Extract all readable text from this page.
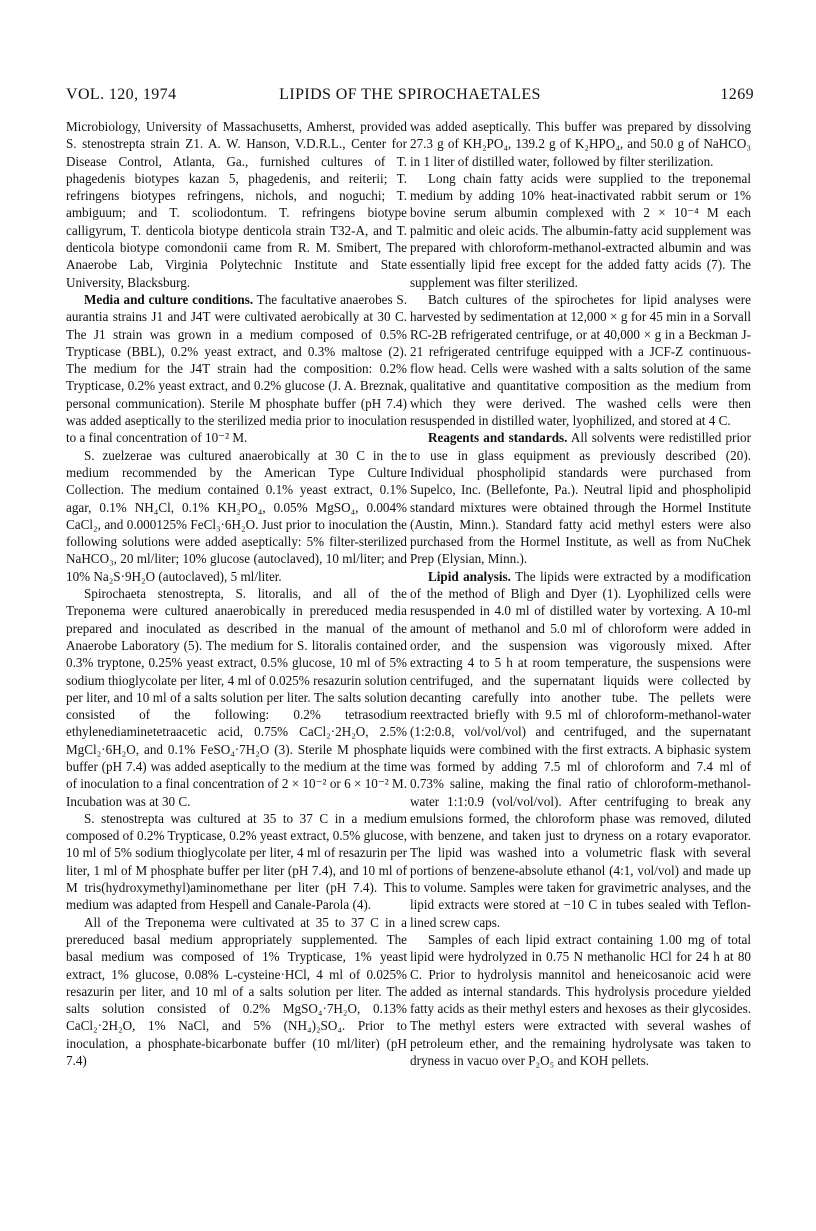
VOL. 120, 1974	LIPIDS OF THE SPIROCHAETALES	1269

Microbiology, University of Massachusetts, Amherst, provided S. stenostrepta strain Z1. A. W. Hanson, V.D.R.L., Center for Disease Control, Atlanta, Ga., furnished cultures of T. phagedenis biotypes kazan 5, phagedenis, and reiterii; T. refringens biotypes refringens, nichols, and noguchi; T. ambiguum; and T. scoliodontum. T. refringens biotype calligyrum, T. denticola biotype denticola strain T32-A, and T. denticola biotype comondonii came from R. M. Smibert, The Anaerobe Lab, Virginia Polytechnic Institute and State University, Blacksburg.

Media and culture conditions. The facultative anaerobes S. aurantia strains J1 and J4T were cultivated aerobically at 30 C. The J1 strain was grown in a medium composed of 0.5% Trypticase (BBL), 0.2% yeast extract, and 0.3% maltose (2). The medium for the J4T strain had the composition: 0.2% Trypticase, 0.2% yeast extract, and 0.2% glucose (J. A. Breznak, personal communication). Sterile M phosphate buffer (pH 7.4) was added aseptically to the sterilized media prior to inoculation to a final concentration of 10⁻² M.

S. zuelzerae was cultured anaerobically at 30 C in the medium recommended by the American Type Culture Collection. The medium contained 0.1% yeast extract, 0.1% agar, 0.1% NH₄Cl, 0.1% KH₂PO₄, 0.05% MgSO₄, 0.004% CaCl₂, and 0.000125% FeCl₃·6H₂O. Just prior to inoculation the following solutions were added aseptically: 5% filter-sterilized NaHCO₃, 20 ml/liter; 10% glucose (autoclaved), 10 ml/liter; and 10% Na₂S·9H₂O (autoclaved), 5 ml/liter.

Spirochaeta stenostrepta, S. litoralis, and all of the Treponema were cultured anaerobically in prereduced media prepared and inoculated as described in the manual of the Anaerobe Laboratory (5). The medium for S. litoralis contained 0.3% tryptone, 0.25% yeast extract, 0.5% glucose, 10 ml of 5% sodium thioglycolate per liter, 4 ml of 0.025% resazurin solution per liter, and 10 ml of a salts solution per liter. The salts solution consisted of the following: 0.2% tetrasodium ethylenediaminetetraacetic acid, 0.75% CaCl₂·2H₂O, 2.5% MgCl₂·6H₂O, and 0.1% FeSO₄·7H₂O (3). Sterile M phosphate buffer (pH 7.4) was added aseptically to the medium at the time of inoculation to a final concentration of 2 × 10⁻² or 6 × 10⁻² M. Incubation was at 30 C.

S. stenostrepta was cultured at 35 to 37 C in a medium composed of 0.2% Trypticase, 0.2% yeast extract, 0.5% glucose, 10 ml of 5% sodium thioglycolate per liter, 4 ml of resazurin per liter, 1 ml of M phosphate buffer per liter (pH 7.4), and 10 ml of M tris(hydroxymethyl)aminomethane per liter (pH 7.4). This medium was adapted from Hespell and Canale-Parola (4).

All of the Treponema were cultivated at 35 to 37 C in a prereduced basal medium appropriately supplemented. The basal medium was composed of 1% Trypticase, 1% yeast extract, 1% glucose, 0.08% L-cysteine·HCl, 4 ml of 0.025% resazurin per liter, and 10 ml of a salts solution per liter. The salts solution consisted of 0.2% MgSO₄·7H₂O, 0.13% CaCl₂·2H₂O, 1% NaCl, and 5% (NH₄)₂SO₄. Prior to inoculation, a phosphate-bicarbonate buffer (10 ml/liter) (pH 7.4)

was added aseptically. This buffer was prepared by dissolving 27.3 g of KH₂PO₄, 139.2 g of K₂HPO₄, and 50.0 g of NaHCO₃ in 1 liter of distilled water, followed by filter sterilization.

Long chain fatty acids were supplied to the treponemal medium by adding 10% heat-inactivated rabbit serum or 1% bovine serum albumin complexed with 2 × 10⁻⁴ M each palmitic and oleic acids. The albumin-fatty acid supplement was prepared with chloroform-methanol-extracted albumin and was essentially lipid free except for the added fatty acids (7). The supplement was filter sterilized.

Batch cultures of the spirochetes for lipid analyses were harvested by sedimentation at 12,000 × g for 45 min in a Sorvall RC-2B refrigerated centrifuge, or at 40,000 × g in a Beckman J-21 refrigerated centrifuge equipped with a JCF-Z continuous-flow head. Cells were washed with a salts solution of the same qualitative and quantitative composition as the medium from which they were derived. The washed cells were then resuspended in distilled water, lyophilized, and stored at 4 C.

Reagents and standards. All solvents were redistilled prior to use in glass equipment as previously described (20). Individual phospholipid standards were purchased from Supelco, Inc. (Bellefonte, Pa.). Neutral lipid and phospholipid standard mixtures were obtained through the Hormel Institute (Austin, Minn.). Standard fatty acid methyl esters were also purchased from the Hormel Institute, as well as from NuChek Prep (Elysian, Minn.).

Lipid analysis. The lipids were extracted by a modification of the method of Bligh and Dyer (1). Lyophilized cells were resuspended in 4.0 ml of distilled water by vortexing. A 10-ml amount of methanol and 5.0 ml of chloroform were added in order, and the suspension was vigorously mixed. After extracting 4 to 5 h at room temperature, the suspensions were centrifuged, and the supernatant liquids were collected by decanting carefully into another tube. The pellets were reextracted briefly with 9.5 ml of chloroform-methanol-water (1:2:0.8, vol/vol/vol) and centrifuged, and the supernatant liquids were combined with the first extracts. A biphasic system was formed by adding 7.5 ml of chloroform and 7.4 ml of 0.73% saline, making the final ratio of chloroform-methanol-water 1:1:0.9 (vol/vol/vol). After centrifuging to break any emulsions formed, the chloroform phase was removed, diluted with benzene, and taken just to dryness on a rotary evaporator. The lipid was washed into a volumetric flask with several portions of benzene-absolute ethanol (4:1, vol/vol) and made up to volume. Samples were taken for gravimetric analyses, and the lipid extracts were stored at −10 C in tubes sealed with Teflon-lined screw caps.

Samples of each lipid extract containing 1.00 mg of total lipid were hydrolyzed in 0.75 N methanolic HCl for 24 h at 80 C. Prior to hydrolysis mannitol and heneicosanoic acid were added as internal standards. This hydrolysis procedure yielded fatty acids as their methyl esters and hexoses as their glycosides. The methyl esters were extracted with several washes of petroleum ether, and the remaining hydrolysate was taken to dryness in vacuo over P₂O₅ and KOH pellets.
